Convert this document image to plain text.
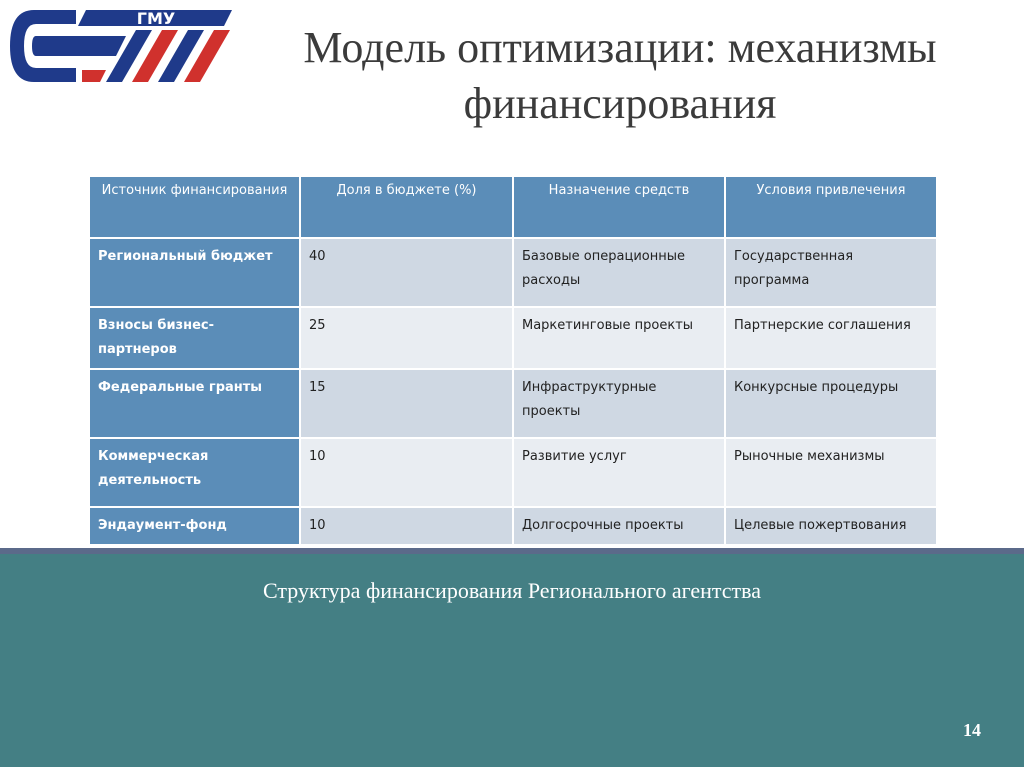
ГМУ
Модель оптимизации: механизмы
финансирования
Источник финансирования	Доля в бюджете (%)	Назначение средств	Условия привлечения
Региональный бюджет	40	Базовые операционные расходы	Государственная программа
Взносы бизнес-партнеров	25	Маркетинговые проекты	Партнерские соглашения
Федеральные гранты	15	Инфраструктурные проекты	Конкурсные процедуры
Коммерческая деятельность	10	Развитие услуг	Рыночные механизмы
Эндаумент-фонд	10	Долгосрочные проекты	Целевые пожертвования
Структура финансирования Регионального агентства
14
